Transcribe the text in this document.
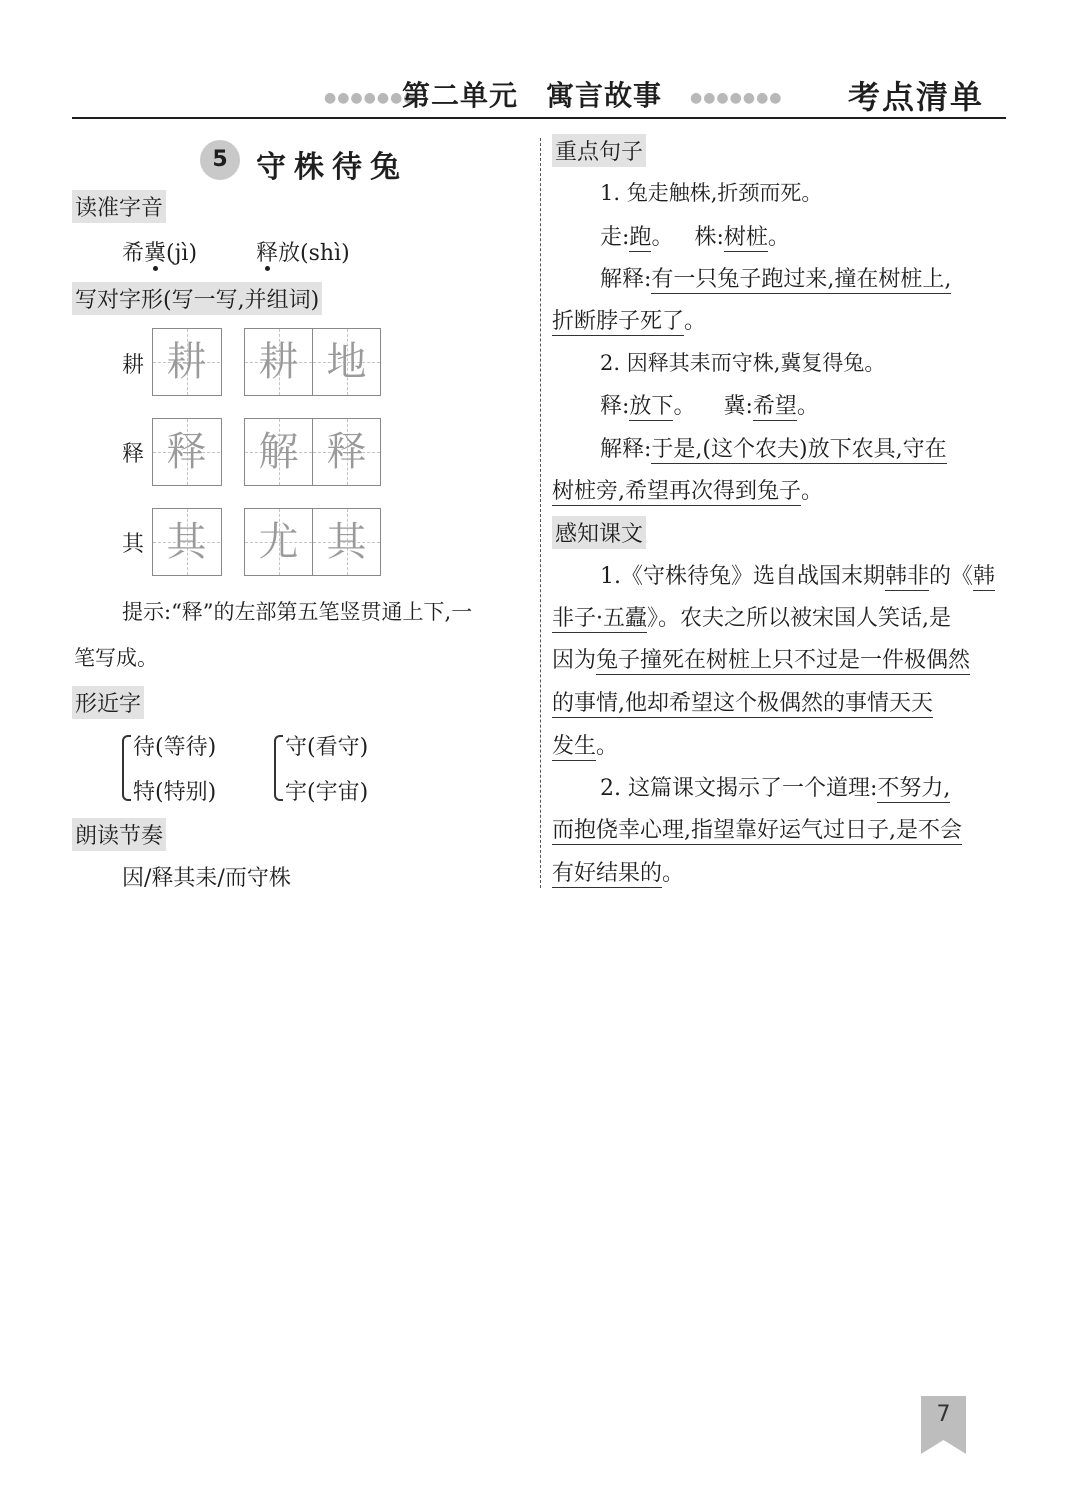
●●●●●●●
第二单元 寓言故事 ●●●●●●● 考点清单
5 守株待兔
读准字音
希冀(jì)	释放(shì)
写对字形(写一写,并组词)
耕 耕	耕 地
释 释	解 释
其 其	尤 其
提示:“释”的左部第五笔竖贯通上下,一
笔写成。
形近字
待(等待)
特(特别)
守(看守)
宇(宇宙)
朗读节奏
因/释其耒/而守株
重点句子
1. 兔走触株,折颈而死。
走:跑。 株:树桩。
解释:有一只兔子跑过来,撞在树桩上,
折断脖子死了。
2. 因释其耒而守株,冀复得兔。
释:放下。 冀:希望。
解释:于是,(这个农夫)放下农具,守在
树桩旁,希望再次得到兔子。
感知课文
1.《守株待兔》选自战国末期韩非的《韩
非子·五蠹》。农夫之所以被宋国人笑话,是
因为兔子撞死在树桩上只不过是一件极偶然
的事情,他却希望这个极偶然的事情天天
发生。
2. 这篇课文揭示了一个道理:不努力,
而抱侥幸心理,指望靠好运气过日子,是不会
有好结果的。
7
